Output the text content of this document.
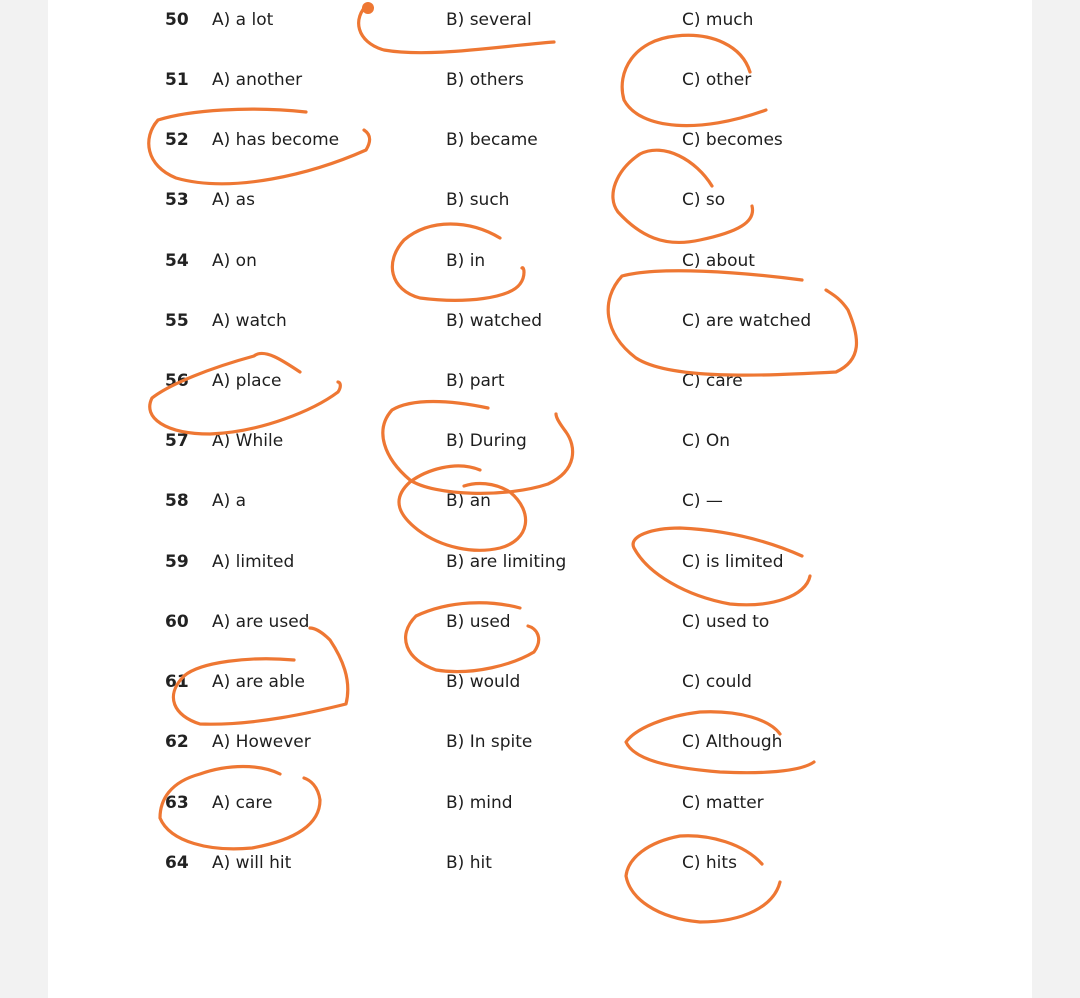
50 A) a lot	B) several	C) much
51 A) another	B) others	C) other
52 A) has become	B) became	C) becomes
53 A) as	B) such	C) so
54 A) on	B) in	C) about
55 A) watch	B) watched	C) are watched
56 A) place	B) part	C) care
57 A) While	B) During	C) On
58 A) a	B) an	C) —
59 A) limited	B) are limiting	C) is limited
60 A) are used	B) used	C) used to
61 A) are able	B) would	C) could
62 A) However	B) In spite	C) Although
63 A) care	B) mind	C) matter
64 A) will hit	B) hit	C) hits
